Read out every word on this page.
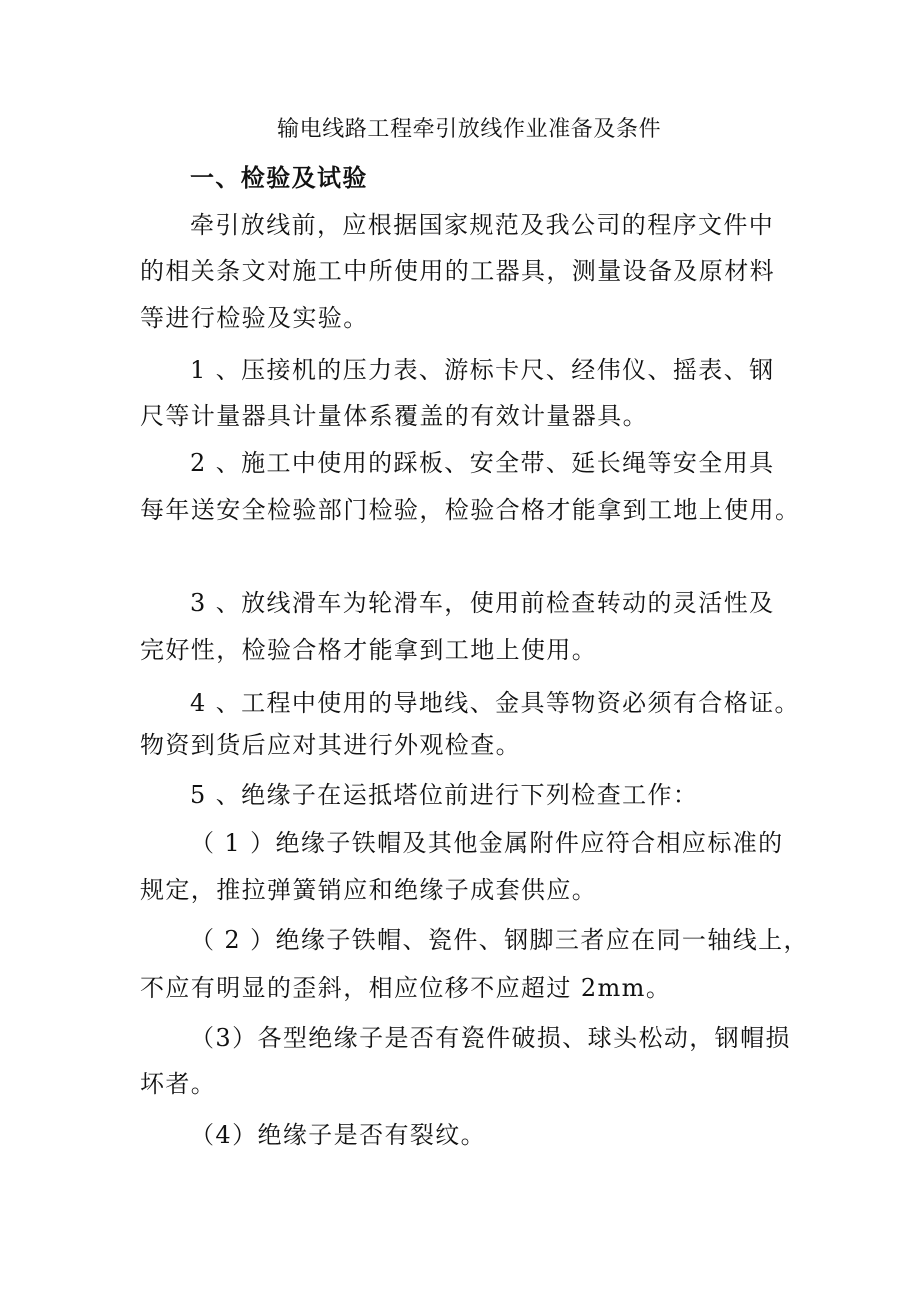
输电线路工程牵引放线作业准备及条件
一、检验及试验
牵引放线前，应根据国家规范及我公司的程序文件中
的相关条文对施工中所使用的工器具，测量设备及原材料
等进行检验及实验。
1 、压接机的压力表、游标卡尺、经伟仪、摇表、钢
尺等计量器具计量体系覆盖的有效计量器具。
2 、施工中使用的踩板、安全带、延长绳等安全用具
每年送安全检验部门检验，检验合格才能拿到工地上使用。
3 、放线滑车为轮滑车，使用前检查转动的灵活性及
完好性，检验合格才能拿到工地上使用。
4 、工程中使用的导地线、金具等物资必须有合格证。
物资到货后应对其进行外观检查。
5 、绝缘子在运抵塔位前进行下列检查工作：
（ 1 ）绝缘子铁帽及其他金属附件应符合相应标准的
规定，推拉弹簧销应和绝缘子成套供应。
（ 2 ）绝缘子铁帽、瓷件、钢脚三者应在同一轴线上，
不应有明显的歪斜，相应位移不应超过 2mm。
（3）各型绝缘子是否有瓷件破损、球头松动，钢帽损
坏者。
（4）绝缘子是否有裂纹。
